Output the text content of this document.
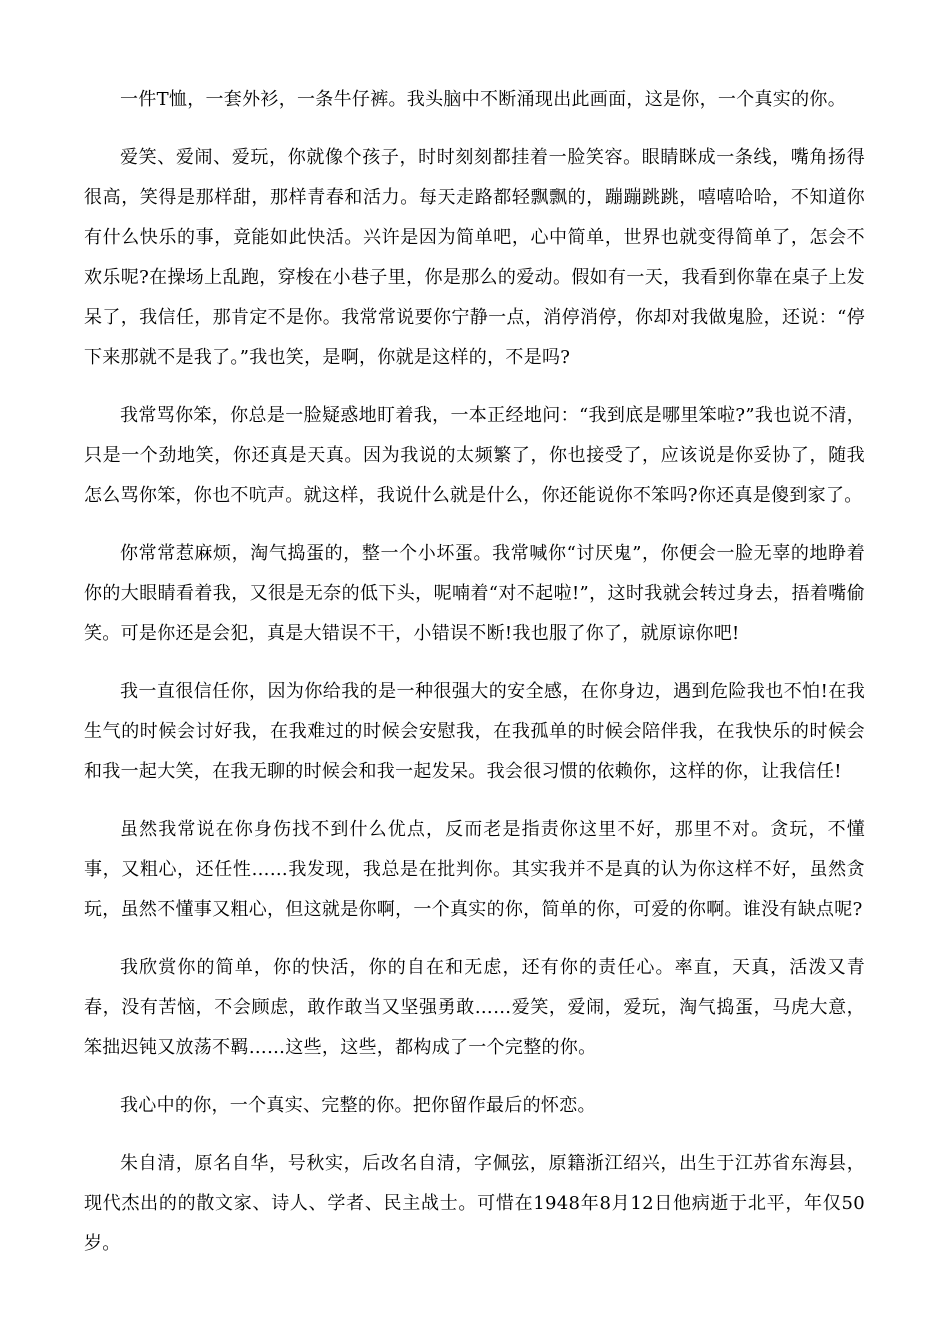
一件T恤，一套外衫，一条牛仔裤。我头脑中不断涌现出此画面，这是你，一个真实的你。

爱笑、爱闹、爱玩，你就像个孩子，时时刻刻都挂着一脸笑容。眼睛眯成一条线，嘴角扬得很高，笑得是那样甜，那样青春和活力。每天走路都轻飘飘的，蹦蹦跳跳，嘻嘻哈哈，不知道你有什么快乐的事，竟能如此快活。兴许是因为简单吧，心中简单，世界也就变得简单了，怎会不欢乐呢?在操场上乱跑，穿梭在小巷子里，你是那么的爱动。假如有一天，我看到你靠在桌子上发呆了，我信任，那肯定不是你。我常常说要你宁静一点，消停消停，你却对我做鬼脸，还说：“停下来那就不是我了。”我也笑，是啊，你就是这样的，不是吗?

我常骂你笨，你总是一脸疑惑地盯着我，一本正经地问：“我到底是哪里笨啦?”我也说不清，只是一个劲地笑，你还真是天真。因为我说的太频繁了，你也接受了，应该说是你妥协了，随我怎么骂你笨，你也不吭声。就这样，我说什么就是什么，你还能说你不笨吗?你还真是傻到家了。

你常常惹麻烦，淘气捣蛋的，整一个小坏蛋。我常喊你“讨厌鬼”，你便会一脸无辜的地睁着你的大眼睛看着我，又很是无奈的低下头，呢喃着“对不起啦!”，这时我就会转过身去，捂着嘴偷笑。可是你还是会犯，真是大错误不干，小错误不断!我也服了你了，就原谅你吧!

我一直很信任你，因为你给我的是一种很强大的安全感，在你身边，遇到危险我也不怕!在我生气的时候会讨好我，在我难过的时候会安慰我，在我孤单的时候会陪伴我，在我快乐的时候会和我一起大笑，在我无聊的时候会和我一起发呆。我会很习惯的依赖你，这样的你，让我信任!

虽然我常说在你身伤找不到什么优点，反而老是指责你这里不好，那里不对。贪玩，不懂事，又粗心，还任性……我发现，我总是在批判你。其实我并不是真的认为你这样不好，虽然贪玩，虽然不懂事又粗心，但这就是你啊，一个真实的你，简单的你，可爱的你啊。谁没有缺点呢?

我欣赏你的简单，你的快活，你的自在和无虑，还有你的责任心。率直，天真，活泼又青春，没有苦恼，不会顾虑，敢作敢当又坚强勇敢……爱笑，爱闹，爱玩，淘气捣蛋，马虎大意，笨拙迟钝又放荡不羁……这些，这些，都构成了一个完整的你。

我心中的你，一个真实、完整的你。把你留作最后的怀恋。

朱自清，原名自华，号秋实，后改名自清，字佩弦，原籍浙江绍兴，出生于江苏省东海县，现代杰出的的散文家、诗人、学者、民主战士。可惜在1948年8月12日他病逝于北平，年仅50岁。
